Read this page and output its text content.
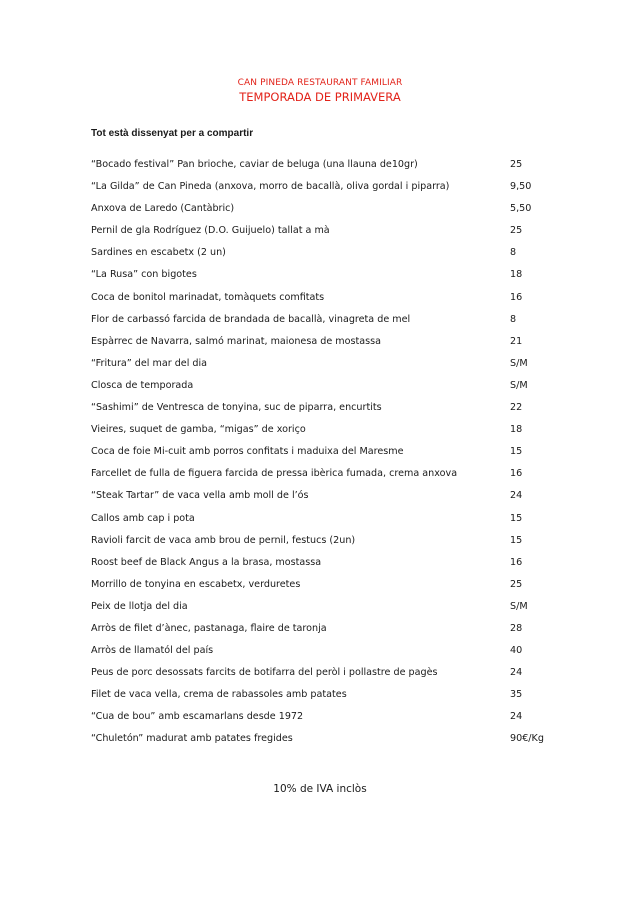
CAN PINEDA RESTAURANT FAMILIAR
TEMPORADA DE PRIMAVERA
Tot està dissenyat per a compartir
“Bocado festival” Pan brioche, caviar de beluga (una llauna de10gr)	25
“La Gilda” de Can Pineda (anxova, morro de bacallà, oliva gordal i piparra)	9,50
Anxova de Laredo (Cantàbric)	5,50
Pernil de gla Rodríguez (D.O. Guijuelo) tallat a mà	25
Sardines en escabetx (2 un)	8
“La Rusa” con bigotes	18
Coca de bonitol marinadat, tomàquets comfitats	16
Flor de carbassó farcida de brandada de bacallà, vinagreta de mel	8
Espàrrec de Navarra, salmó marinat, maionesa de mostassa	21
“Fritura” del mar del dia	S/M
Closca de temporada	S/M
“Sashimi” de Ventresca de tonyina, suc de piparra, encurtits	22
Vieires, suquet de gamba, “migas” de xoriço	18
Coca de foie Mi-cuit amb porros confitats i maduixa del Maresme	15
Farcellet de fulla de figuera farcida de pressa ibèrica fumada, crema anxova	16
“Steak Tartar” de vaca vella amb moll de l’ós	24
Callos amb cap i pota	15
Ravioli farcit de vaca amb brou de pernil, festucs (2un)	15
Roost beef de Black Angus a la brasa, mostassa	16
Morrillo de tonyina en escabetx, verduretes	25
Peix de llotja del dia	S/M
Arròs de filet d’ànec, pastanaga, flaire de taronja	28
Arròs de llamatól del país	40
Peus de porc desossats farcits de botifarra del peròl i pollastre de pagès	24
Filet de vaca vella, crema de rabassoles amb patates	35
“Cua de bou” amb escamarlans desde 1972	24
“Chuletón” madurat amb patates fregides	90€/Kg
10% de IVA inclòs
